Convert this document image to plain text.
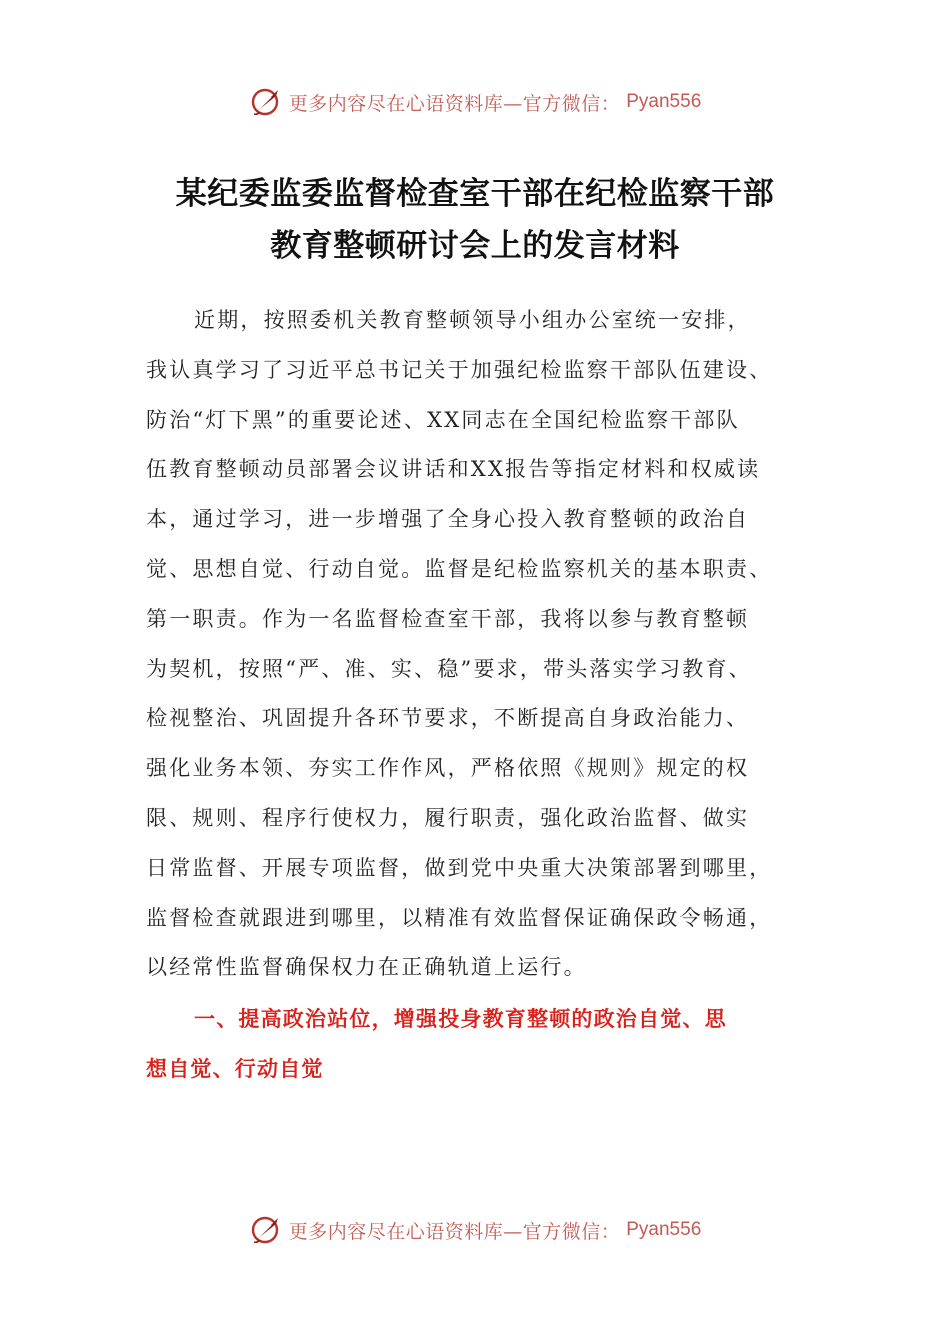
更多内容尽在心语资料库—官方微信： Pyan556
某纪委监委监督检查室干部在纪检监察干部
教育整顿研讨会上的发言材料
近期，按照委机关教育整顿领导小组办公室统一安排，
我认真学习了习近平总书记关于加强纪检监察干部队伍建设、
防治“灯下黑”的重要论述、XX同志在全国纪检监察干部队
伍教育整顿动员部署会议讲话和XX报告等指定材料和权威读
本，通过学习，进一步增强了全身心投入教育整顿的政治自
觉、思想自觉、行动自觉。监督是纪检监察机关的基本职责、
第一职责。作为一名监督检查室干部，我将以参与教育整顿
为契机，按照“严、准、实、稳”要求，带头落实学习教育、
检视整治、巩固提升各环节要求，不断提高自身政治能力、
强化业务本领、夯实工作作风，严格依照《规则》规定的权
限、规则、程序行使权力，履行职责，强化政治监督、做实
日常监督、开展专项监督，做到党中央重大决策部署到哪里，
监督检查就跟进到哪里，以精准有效监督保证确保政令畅通，
以经常性监督确保权力在正确轨道上运行。
一、提高政治站位，增强投身教育整顿的政治自觉、思
想自觉、行动自觉
更多内容尽在心语资料库—官方微信： Pyan556
